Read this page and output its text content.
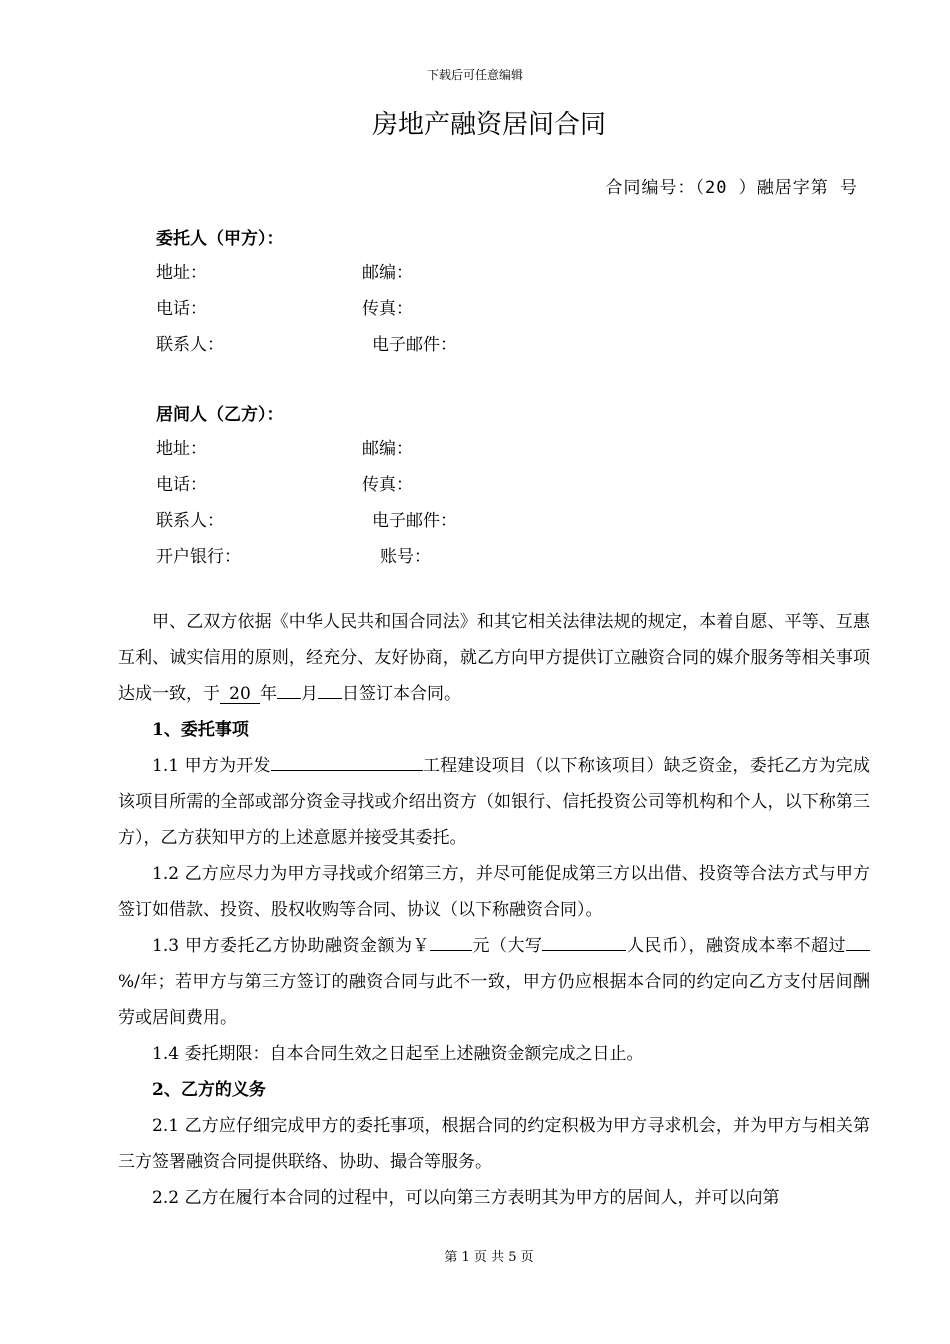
下载后可任意编辑
房地产融资居间合同
合同编号：（20 ）融居字第 号
委托人（甲方）：
地址：	邮编：
电话：	传真：
联系人：	电子邮件：
居间人（乙方）：
地址：	邮编：
电话：	传真：
联系人：	电子邮件：
开户银行：	账号：

甲、乙双方依据《中华人民共和国合同法》和其它相关法律法规的规定，本着自愿、平等、互惠互利、诚实信用的原则，经充分、友好协商，就乙方向甲方提供订立融资合同的媒介服务等相关事项达成一致，于 20 年 月 日签订本合同。

1、委托事项

1.1 甲方为开发	工程建设项目（以下称该项目）缺乏资金，委托乙方为完成该项目所需的全部或部分资金寻找或介绍出资方（如银行、信托投资公司等机构和个人，以下称第三方），乙方获知甲方的上述意愿并接受其委托。

1.2 乙方应尽力为甲方寻找或介绍第三方，并尽可能促成第三方以出借、投资等合法方式与甲方签订如借款、投资、股权收购等合同、协议（以下称融资合同）。

1.3 甲方委托乙方协助融资金额为￥ 元（大写	人民币），融资成本率不超过%/年；若甲方与第三方签订的融资合同与此不一致，甲方仍应根据本合同的约定向乙方支付居间酬劳或居间费用。

1.4 委托期限：自本合同生效之日起至上述融资金额完成之日止。

2、乙方的义务

2.1 乙方应仔细完成甲方的委托事项，根据合同的约定积极为甲方寻求机会，并为甲方与相关第三方签署融资合同提供联络、协助、撮合等服务。

2.2 乙方在履行本合同的过程中，可以向第三方表明其为甲方的居间人，并可以向第

第 1 页 共 5 页
